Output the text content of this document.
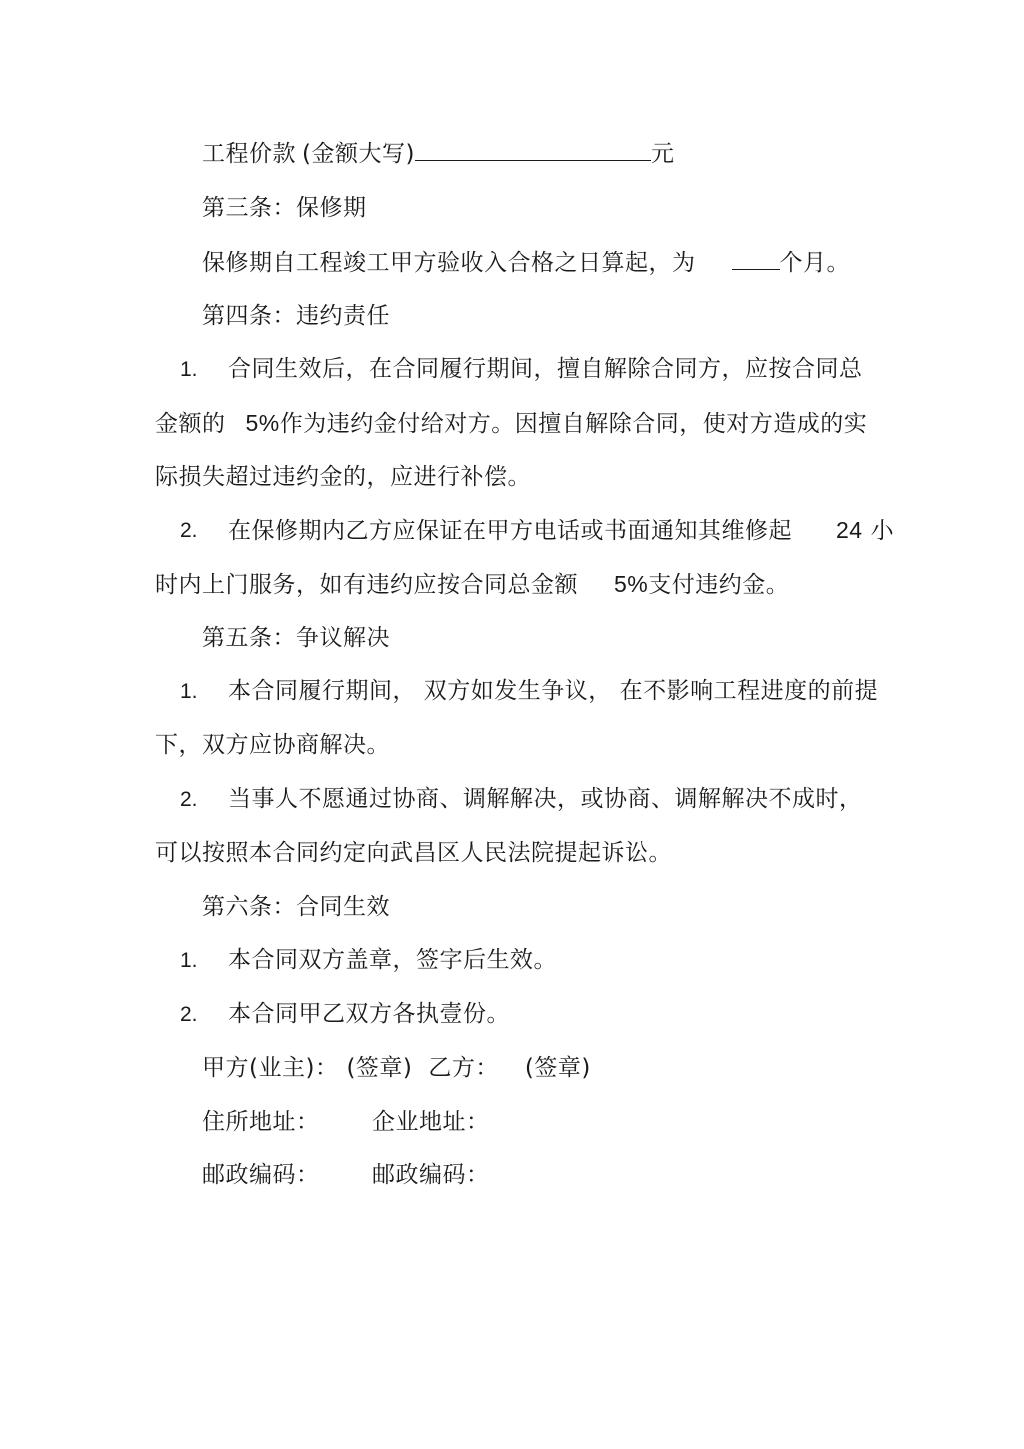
工程价款 (金额大写)	元
第三条：保修期
保修期自工程竣工甲方验收入合格之日算起，为	个月。
第四条：违约责任
1. 合同生效后，在合同履行期间，擅自解除合同方，应按合同总
金额的 5%作为违约金付给对方。因擅自解除合同，使对方造成的实
际损失超过违约金的，应进行补偿。
2. 在保修期内乙方应保证在甲方电话或书面通知其维修起 24 小
时内上门服务，如有违约应按合同总金额 5%支付违约金。
第五条：争议解决
1. 本合同履行期间， 双方如发生争议， 在不影响工程进度的前提
下，双方应协商解决。
2. 当事人不愿通过协商、调解解决，或协商、调解解决不成时，
可以按照本合同约定向武昌区人民法院提起诉讼。
第六条：合同生效
1. 本合同双方盖章，签字后生效。
2. 本合同甲乙双方各执壹份。
甲方(业主)： (签章) 乙方： (签章)
住所地址： 企业地址：
邮政编码： 邮政编码：
